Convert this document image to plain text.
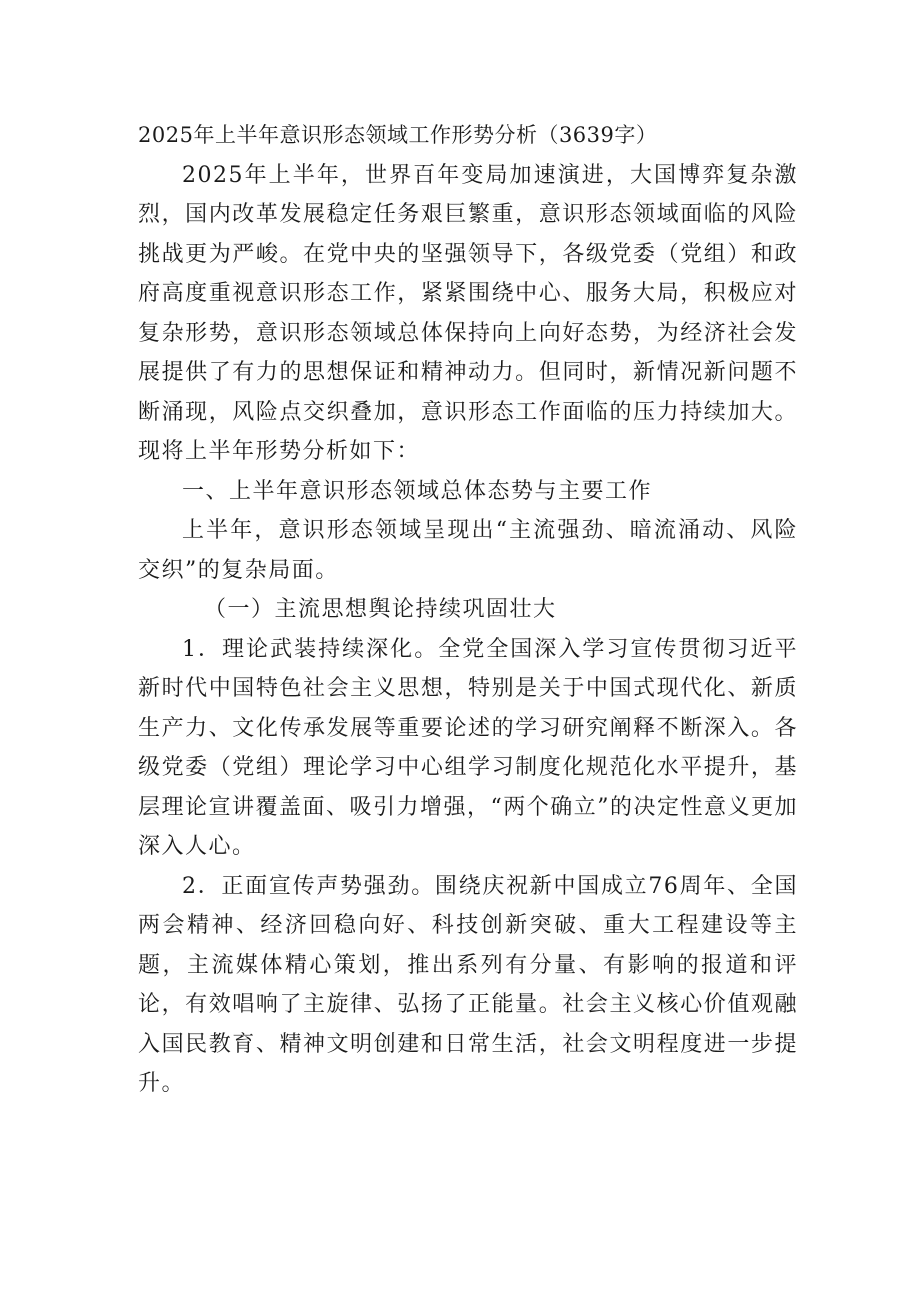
2025年上半年意识形态领域工作形势分析（3639字）

2025年上半年，世界百年变局加速演进，大国博弈复杂激烈，国内改革发展稳定任务艰巨繁重，意识形态领域面临的风险挑战更为严峻。在党中央的坚强领导下，各级党委（党组）和政府高度重视意识形态工作，紧紧围绕中心、服务大局，积极应对复杂形势，意识形态领域总体保持向上向好态势，为经济社会发展提供了有力的思想保证和精神动力。但同时，新情况新问题不断涌现，风险点交织叠加，意识形态工作面临的压力持续加大。现将上半年形势分析如下：

一、上半年意识形态领域总体态势与主要工作

上半年，意识形态领域呈现出“主流强劲、暗流涌动、风险交织”的复杂局面。

（一）主流思想舆论持续巩固壮大

1．理论武装持续深化。全党全国深入学习宣传贯彻习近平新时代中国特色社会主义思想，特别是关于中国式现代化、新质生产力、文化传承发展等重要论述的学习研究阐释不断深入。各级党委（党组）理论学习中心组学习制度化规范化水平提升，基层理论宣讲覆盖面、吸引力增强，“两个确立”的决定性意义更加深入人心。

2．正面宣传声势强劲。围绕庆祝新中国成立76周年、全国两会精神、经济回稳向好、科技创新突破、重大工程建设等主题，主流媒体精心策划，推出系列有分量、有影响的报道和评论，有效唱响了主旋律、弘扬了正能量。社会主义核心价值观融入国民教育、精神文明创建和日常生活，社会文明程度进一步提升。
